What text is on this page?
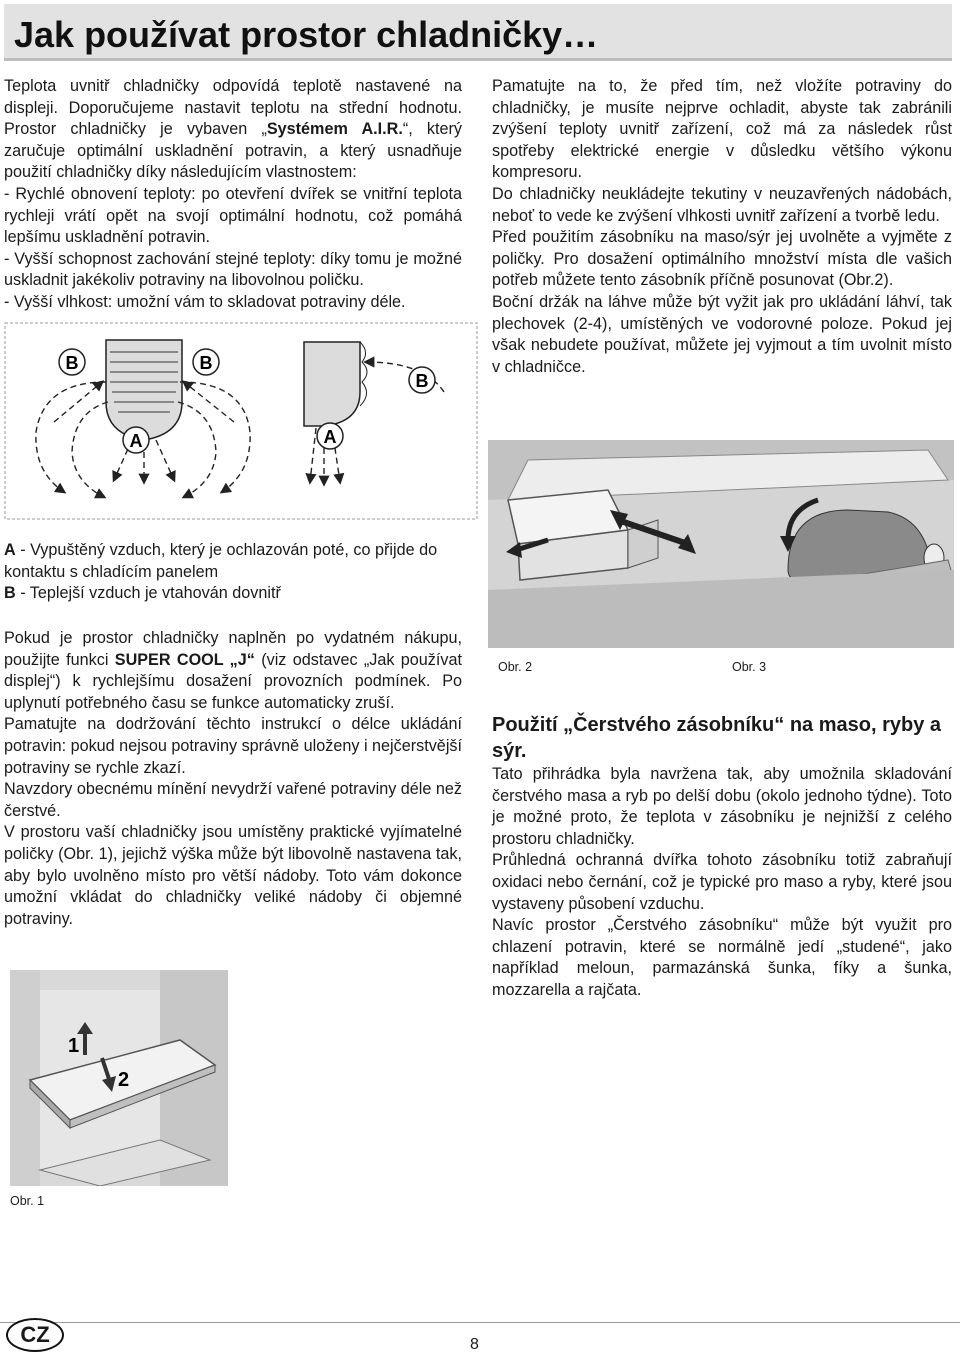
Jak používat prostor chladničky…

Teplota uvnitř chladničky odpovídá teplotě nastavené na displeji. Doporučujeme nastavit teplotu na střední hodnotu. Prostor chladničky je vybaven „Systémem A.I.R.“, který zaručuje optimální uskladnění potravin, a který usnadňuje použití chladničky díky následujícím vlastnostem:

- Rychlé obnovení teploty: po otevření dvířek se vnitřní teplota rychleji vrátí opět na svojí optimální hodnotu, což pomáhá lepšímu uskladnění potravin.

- Vyšší schopnost zachování stejné teploty: díky tomu je možné uskladnit jakékoliv potraviny na libovolnou poličku.

- Vyšší vlhkost: umožní vám to skladovat potraviny déle.

B	B
B
A	A

A - Vypuštěný vzduch, který je ochlazován poté, co přijde do kontaktu s chladícím panelem

B - Teplejší vzduch je vtahován dovnitř

Pokud je prostor chladničky naplněn po vydatném nákupu, použijte funkci SUPER COOL „J“ (viz odstavec „Jak používat displej“) k rychlejšímu dosažení provozních podmínek. Po uplynutí potřebného času se funkce automaticky zruší.

Pamatujte na dodržování těchto instrukcí o délce ukládání potravin: pokud nejsou potraviny správně uloženy i nejčerstvější potraviny se rychle zkazí.

Navzdory obecnému mínění nevydrží vařené potraviny déle než čerstvé.

V prostoru vaší chladničky jsou umístěny praktické vyjímatelné poličky (Obr. 1), jejichž výška může být libovolně nastavena tak, aby bylo uvolněno místo pro větší nádoby. Toto vám dokonce umožní vkládat do chladničky veliké nádoby či objemné potraviny.

1
2
Obr. 1

Pamatujte na to, že před tím, než vložíte potraviny do chladničky, je musíte nejprve ochladit, abyste tak zabránili zvýšení teploty uvnitř zařízení, což má za následek růst spotřeby elektrické energie v důsledku většího výkonu kompresoru.

Do chladničky neukládejte tekutiny v neuzavřených nádobách, neboť to vede ke zvýšení vlhkosti uvnitř zařízení a tvorbě ledu.

Před použitím zásobníku na maso/sýr jej uvolněte a vyjměte z poličky. Pro dosažení optimálního množství místa dle vašich potřeb můžete tento zásobník příčně posunovat (Obr.2).

Boční držák na láhve může být vyžit jak pro ukládání láhví, tak plechovek (2-4), umístěných ve vodorovné poloze. Pokud jej však nebudete používat, můžete jej vyjmout a tím uvolnit místo v chladničce.

Obr. 2	Obr. 3

Použití „Čerstvého zásobníku“ na maso, ryby a sýr.

Tato přihrádka byla navržena tak, aby umožnila skladování čerstvého masa a ryb po delší dobu (okolo jednoho týdne). Toto je možné proto, že teplota v zásobníku je nejnižší z celého prostoru chladničky.

Průhledná ochranná dvířka tohoto zásobníku totiž zabraňují oxidaci nebo černání, což je typické pro maso a ryby, které jsou vystaveny působení vzduchu.

Navíc prostor „Čerstvého zásobníku“ může být využit pro chlazení potravin, které se normálně jedí „studené“, jako například meloun, parmazánská šunka, fíky a šunka, mozzarella a rajčata.

CZ	8
